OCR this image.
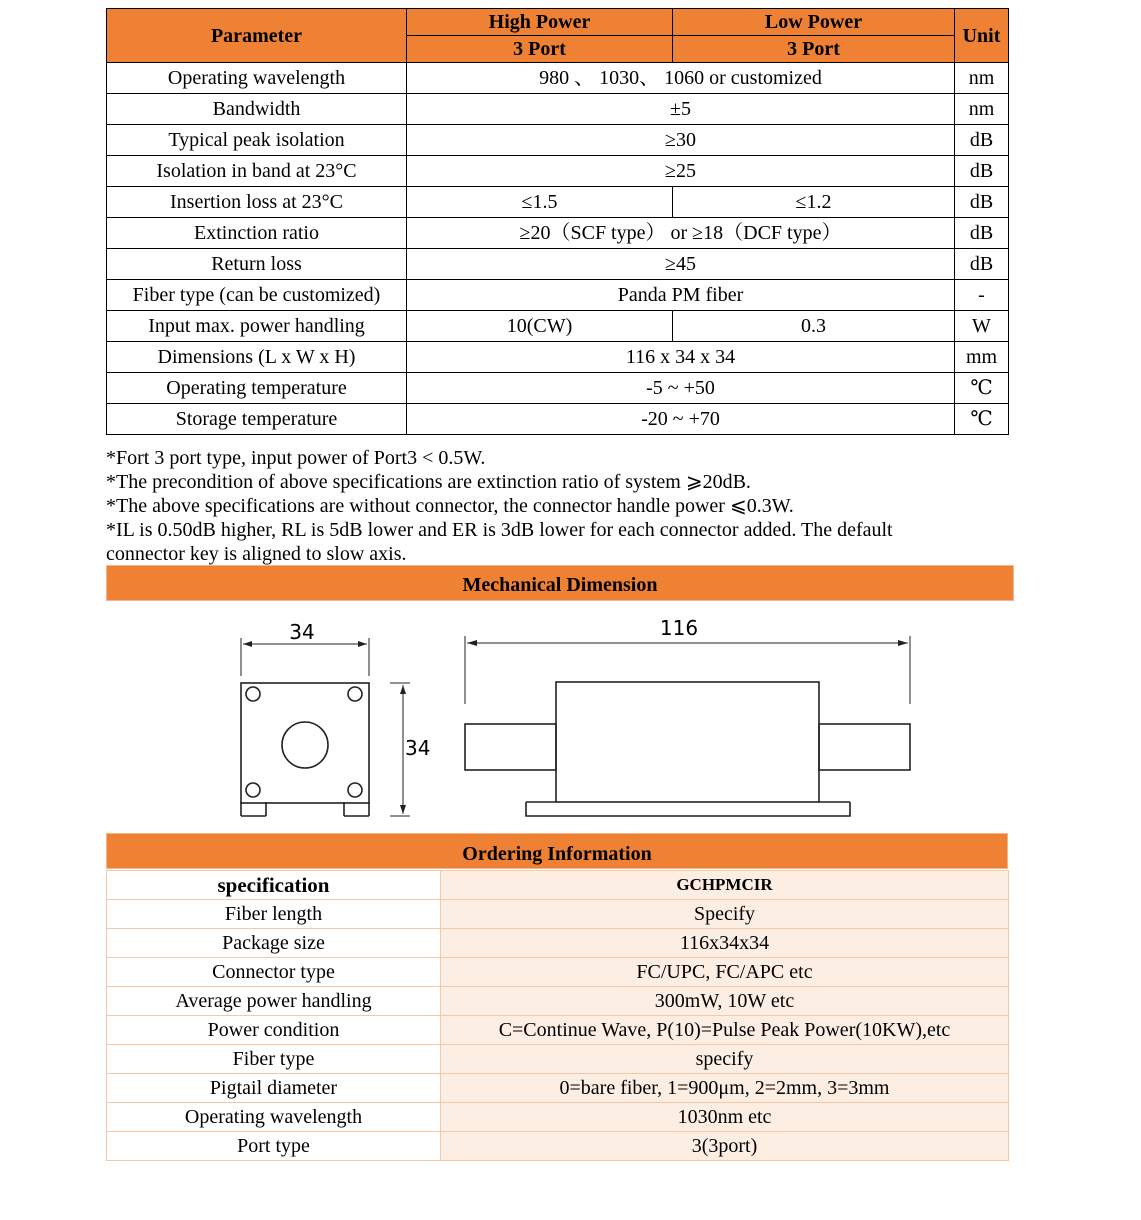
Parameter	High Power	Low Power	Unit
	3 Port	3 Port	
Operating wavelength	980 、 1030、 1060 or customized		nm
Bandwidth	±5		nm
Typical peak isolation	≥30		dB
Isolation in band at 23°C	≥25		dB
Insertion loss at 23°C	≤1.5	≤1.2	dB
Extinction ratio	≥20（SCF type） or ≥18（DCF type）		dB
Return loss	≥45		dB
Fiber type (can be customized)	Panda PM fiber		-
Input max. power handling	10(CW)	0.3	W
Dimensions (L x W x H)	116 x 34 x 34		mm
Operating temperature	-5 ~ +50		℃
Storage temperature	-20 ~ +70		℃
*Fort 3 port type, input power of Port3 < 0.5W.
*The precondition of above specifications are extinction ratio of system ⩾20dB.
*The above specifications are without connector, the connector handle power ⩽0.3W.
*IL is 0.50dB higher, RL is 5dB lower and ER is 3dB lower for each connector added. The default
connector key is aligned to slow axis.
Mechanical Dimension
34
34
116
Ordering Information
specification	GCHPMCIR
Fiber length	Specify
Package size	116x34x34
Connector type	FC/UPC, FC/APC etc
Average power handling	300mW, 10W etc
Power condition	C=Continue Wave, P(10)=Pulse Peak Power(10KW),etc
Fiber type	specify
Pigtail diameter	0=bare fiber, 1=900μm, 2=2mm, 3=3mm
Operating wavelength	1030nm etc
Port type	3(3port)
